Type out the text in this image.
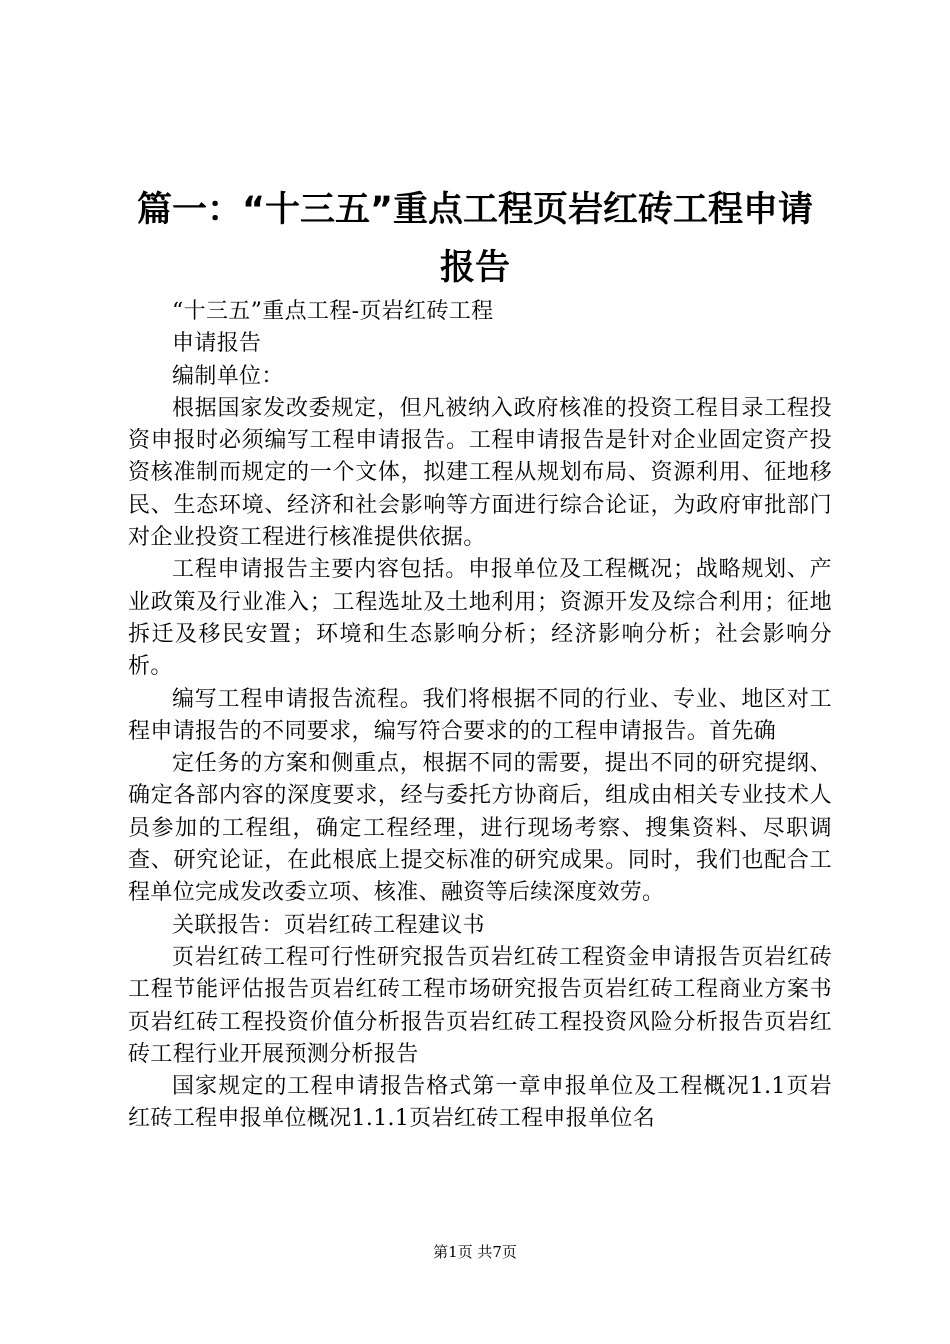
篇一：“十三五”重点工程页岩红砖工程申请
报告

“十三五”重点工程-页岩红砖工程

申请报告

编制单位：

根据国家发改委规定，但凡被纳入政府核准的投资工程目录工程投资申报时必须编写工程申请报告。工程申请报告是针对企业固定资产投资核准制而规定的一个文体，拟建工程从规划布局、资源利用、征地移民、生态环境、经济和社会影响等方面进行综合论证，为政府审批部门对企业投资工程进行核准提供依据。

工程申请报告主要内容包括。申报单位及工程概况；战略规划、产业政策及行业准入；工程选址及土地利用；资源开发及综合利用；征地拆迁及移民安置；环境和生态影响分析；经济影响分析；社会影响分析。

编写工程申请报告流程。我们将根据不同的行业、专业、地区对工程申请报告的不同要求，编写符合要求的的工程申请报告。首先确

定任务的方案和侧重点，根据不同的需要，提出不同的研究提纲、确定各部内容的深度要求，经与委托方协商后，组成由相关专业技术人员参加的工程组，确定工程经理，进行现场考察、搜集资料、尽职调查、研究论证，在此根底上提交标准的研究成果。同时，我们也配合工程单位完成发改委立项、核准、融资等后续深度效劳。

关联报告：页岩红砖工程建议书

页岩红砖工程可行性研究报告页岩红砖工程资金申请报告页岩红砖工程节能评估报告页岩红砖工程市场研究报告页岩红砖工程商业方案书页岩红砖工程投资价值分析报告页岩红砖工程投资风险分析报告页岩红砖工程行业开展预测分析报告

国家规定的工程申请报告格式第一章申报单位及工程概况1.1页岩红砖工程申报单位概况1.1.1页岩红砖工程申报单位名

第1页 共7页
